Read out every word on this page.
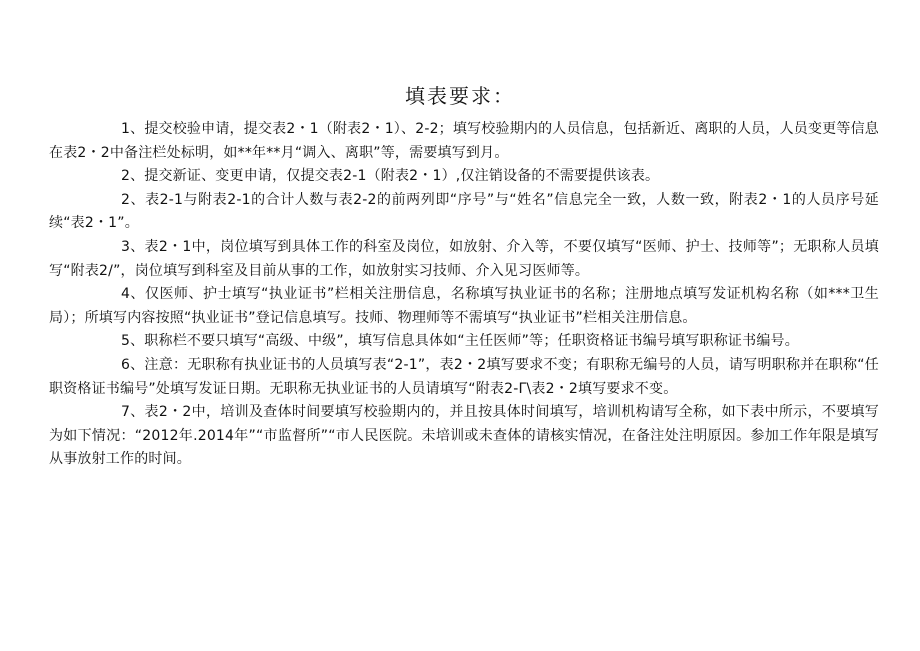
填表要求：

1、提交校验申请，提交表2・1（附表2・1）、2-2；填写校验期内的人员信息，包括新近、离职的人员，人员变更等信息在表2・2中备注栏处标明，如**年**月“调入、离职”等，需要填写到月。

2、提交新证、变更申请，仅提交表2-1（附表2・1）,仅注销设备的不需要提供该表。

2、表2-1与附表2-1的合计人数与表2-2的前两列即“序号”与“姓名”信息完全一致，人数一致，附表2・1的人员序号延续“表2・1”。

3、表2・1中，岗位填写到具体工作的科室及岗位，如放射、介入等，不要仅填写“医师、护士、技师等”；无职称人员填写“附表2/”，岗位填写到科室及目前从事的工作，如放射实习技师、介入见习医师等。

4、仅医师、护士填写“执业证书”栏相关注册信息，名称填写执业证书的名称；注册地点填写发证机构名称（如***卫生局）；所填写内容按照“执业证书”登记信息填写。技师、物理师等不需填写“执业证书”栏相关注册信息。

5、职称栏不要只填写“高级、中级”，填写信息具体如“主任医师”等；任职资格证书编号填写职称证书编号。

6、注意：无职称有执业证书的人员填写表“2-1”，表2・2填写要求不变；有职称无编号的人员，请写明职称并在职称“任职资格证书编号”处填写发证日期。无职称无执业证书的人员请填写“附表2-Γ\表2・2填写要求不变。

7、表2・2中，培训及查体时间要填写校验期内的，并且按具体时间填写，培训机构请写全称，如下表中所示，不要填写为如下情况：“2012年.2014年”“市监督所”“市人民医院。未培训或未查体的请核实情况，在备注处注明原因。参加工作年限是填写从事放射工作的时间。
